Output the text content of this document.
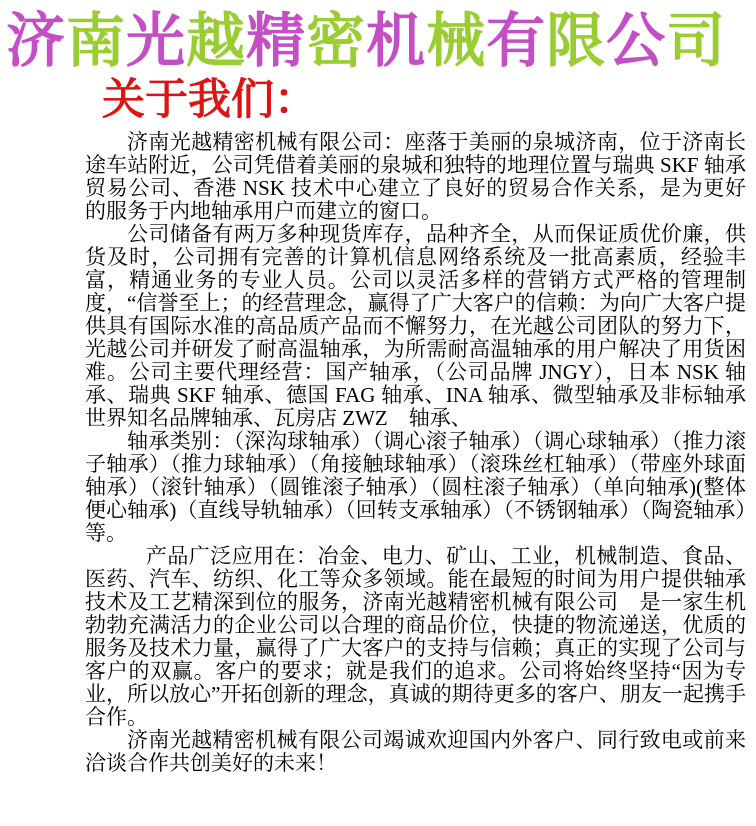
济南光越精密机械有限公司
关于我们：

济南光越精密机械有限公司：座落于美丽的泉城济南，位于济南长途车站附近，公司凭借着美丽的泉城和独特的地理位置与瑞典 SKF 轴承贸易公司、香港 NSK 技术中心建立了良好的贸易合作关系，是为更好的服务于内地轴承用户而建立的窗口。

公司储备有两万多种现货库存，品种齐全，从而保证质优价廉，供货及时，公司拥有完善的计算机信息网络系统及一批高素质，经验丰富，精通业务的专业人员。公司以灵活多样的营销方式严格的管理制度，“信誉至上；的经营理念，赢得了广大客户的信赖：为向广大客户提供具有国际水准的高品质产品而不懈努力，在光越公司团队的努力下，光越公司并研发了耐高温轴承，为所需耐高温轴承的用户解决了用货困难。公司主要代理经营：国产轴承，（公司品牌 JNGY），日本 NSK 轴承、瑞典 SKF 轴承、德国 FAG 轴承、INA 轴承、微型轴承及非标轴承世界知名品牌轴承、瓦房店 ZWZ　轴承、

轴承类别：（深沟球轴承）（调心滚子轴承）（调心球轴承）（推力滚子轴承）（推力球轴承）（角接触球轴承）（滚珠丝杠轴承）（带座外球面轴承）（滚针轴承）（圆锥滚子轴承）（圆柱滚子轴承）（单向轴承)(整体便心轴承)（直线导轨轴承）（回转支承轴承）（不锈钢轴承）（陶瓷轴承）等。

产品广泛应用在：冶金、电力、矿山、工业，机械制造、食品、医药、汽车、纺织、化工等众多领域。能在最短的时间为用户提供轴承技术及工艺精深到位的服务，济南光越精密机械有限公司　是一家生机勃勃充满活力的企业公司以合理的商品价位，快捷的物流递送，优质的服务及技术力量，赢得了广大客户的支持与信赖；真正的实现了公司与客户的双赢。客户的要求；就是我们的追求。公司将始终坚持“因为专业，所以放心”开拓创新的理念，真诚的期待更多的客户、朋友一起携手合作。

济南光越精密机械有限公司竭诚欢迎国内外客户、同行致电或前来洽谈合作共创美好的未来！
